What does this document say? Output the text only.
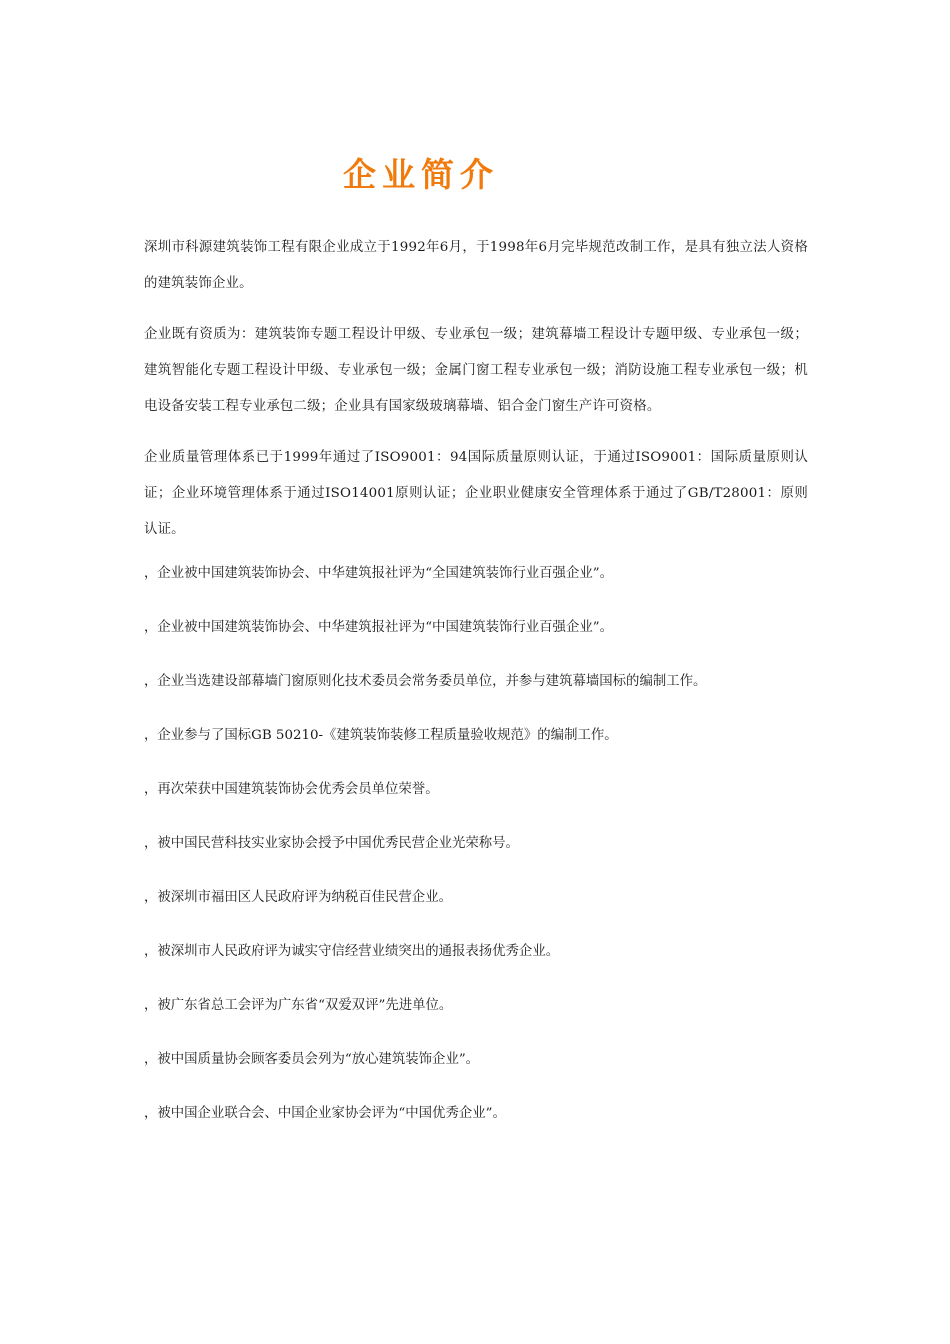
企业简介

深圳市科源建筑装饰工程有限企业成立于1992年6月，于1998年6月完毕规范改制工作，是具有独立法人资格的建筑装饰企业。

企业既有资质为：建筑装饰专题工程设计甲级、专业承包一级；建筑幕墙工程设计专题甲级、专业承包一级；建筑智能化专题工程设计甲级、专业承包一级；金属门窗工程专业承包一级；消防设施工程专业承包一级；机电设备安装工程专业承包二级；企业具有国家级玻璃幕墙、铝合金门窗生产许可资格。

企业质量管理体系已于1999年通过了ISO9001：94国际质量原则认证，于通过ISO9001：国际质量原则认证；企业环境管理体系于通过ISO14001原则认证；企业职业健康安全管理体系于通过了GB/T28001：原则认证。

，企业被中国建筑装饰协会、中华建筑报社评为“全国建筑装饰行业百强企业”。
，企业被中国建筑装饰协会、中华建筑报社评为“中国建筑装饰行业百强企业”。
，企业当选建设部幕墙门窗原则化技术委员会常务委员单位，并参与建筑幕墙国标的编制工作。
，企业参与了国标GB 50210-《建筑装饰装修工程质量验收规范》的编制工作。
，再次荣获中国建筑装饰协会优秀会员单位荣誉。
，被中国民营科技实业家协会授予中国优秀民营企业光荣称号。
，被深圳市福田区人民政府评为纳税百佳民营企业。
，被深圳市人民政府评为诚实守信经营业绩突出的通报表扬优秀企业。
，被广东省总工会评为广东省“双爱双评”先进单位。
，被中国质量协会顾客委员会列为“放心建筑装饰企业”。
，被中国企业联合会、中国企业家协会评为“中国优秀企业”。
